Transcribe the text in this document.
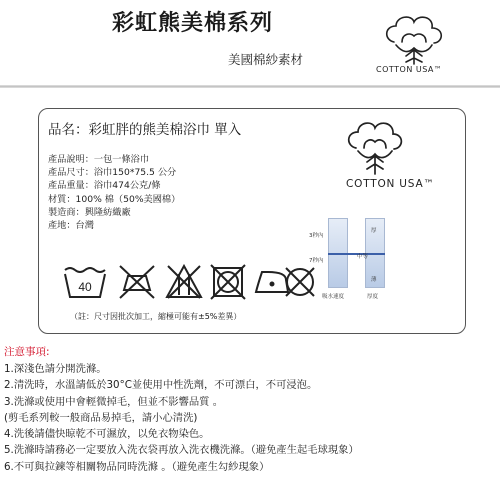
彩虹熊美棉系列
美國棉紗素材
COTTON USA™
品名：彩虹胖的熊美棉浴巾 單入
產品說明：一包一條浴巾
產品尺寸：浴巾150*75.5 公分
產品重量：浴巾474公克/條
材質：100% 棉（50%美國棉）
製造商：興隆紡織廠
產地：台灣
COTTON USA™
3秒內
7秒內
厚
中等
薄
吸水速度	厚度
40
（註：尺寸因批次加工，縮極可能有±5%差異）
注意事項:
1.深淺色請分開洗滌。
2.清洗時，水溫請低於30°C並使用中性洗劑，不可漂白，不可浸泡。
3.洗滌或使用中會輕微掉毛，但並不影響品質 。
(剪毛系列較一般商品易掉毛，請小心清洗)
4.洗後請儘快晾乾不可濕放，以免衣物染色。
5.洗滌時請務必一定要放入洗衣袋再放入洗衣機洗滌。（避免產生起毛球現象）
6.不可與拉鍊等相關物品同時洗滌 。（避免產生勾紗現象）
